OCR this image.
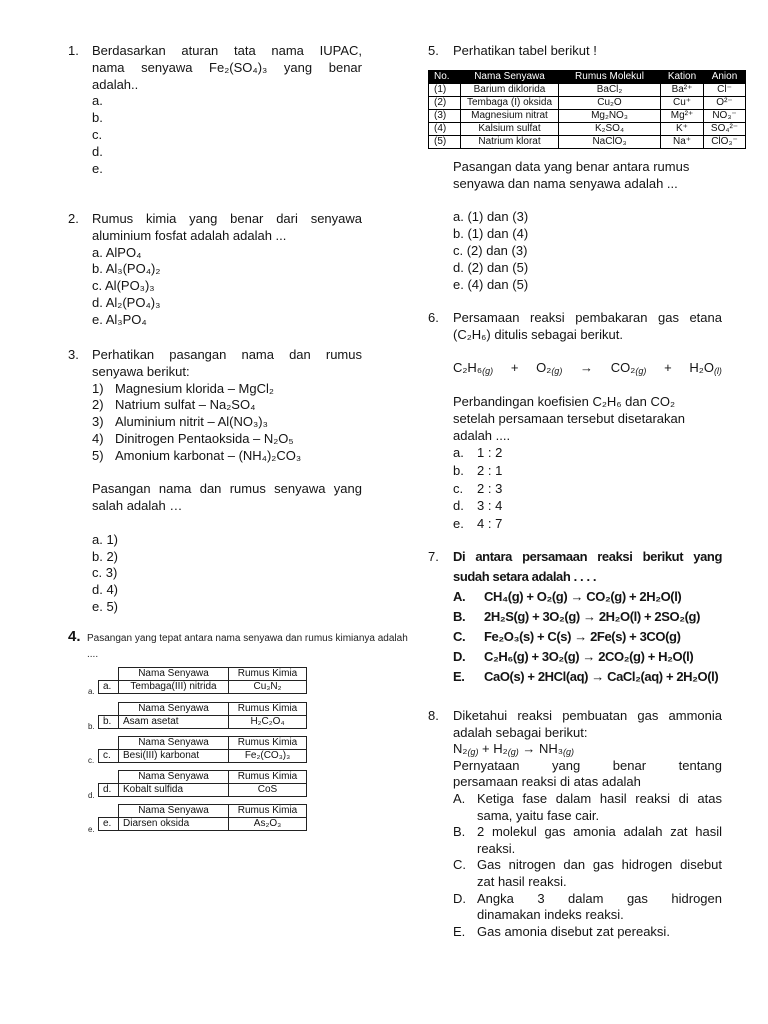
1. Berdasarkan aturan tata nama IUPAC,
nama senyawa Fe₂(SO₄)₃ yang benar
adalah..
a.
b.
c.
d.
e.
2. Rumus kimia yang benar dari senyawa
aluminium fosfat adalah adalah ...
a. AlPO₄
b. Al₃(PO₄)₂
c. Al(PO₃)₃
d. Al₂(PO₄)₃
e. Al₃PO₄
3. Perhatikan pasangan nama dan rumus
senyawa berikut:
1) Magnesium klorida – MgCl₂
2) Natrium sulfat – Na₂SO₄
3) Aluminium nitrit – Al(NO₃)₃
4) Dinitrogen Pentaoksida – N₂O₅
5) Amonium karbonat – (NH₄)₂CO₃
Pasangan nama dan rumus senyawa yang
salah adalah …
a. 1)
b. 2)
c. 3)
d. 4)
e. 5)
4. Pasangan yang tepat antara nama senyawa dan rumus kimianya adalah
....
	Nama Senyawa	Rumus Kimia
a.	Tembaga(III) nitrida	Cu₃N₂
a.
	Nama Senyawa	Rumus Kimia
b.	Asam asetat	H₂C₂O₄
b.
	Nama Senyawa	Rumus Kimia
c.	Besi(III) karbonat	Fe₂(CO₃)₃
c.
	Nama Senyawa	Rumus Kimia
d.	Kobalt sulfida	CoS
d.
	Nama Senyawa	Rumus Kimia
e.	Diarsen oksida	As₂O₃
e.
5. Perhatikan tabel berikut !
No.	Nama Senyawa	Rumus Molekul	Kation	Anion
(1)	Barium diklorida	BaCl₂	Ba²⁺	Cl⁻
(2)	Tembaga (I) oksida	Cu₂O	Cu⁺	O²⁻
(3)	Magnesium nitrat	Mg₂NO₃	Mg²⁺	NO₃⁻
(4)	Kalsium sulfat	K₂SO₄	K⁺	SO₄²⁻
(5)	Natrium klorat	NaClO₃	Na⁺	ClO₃⁻
Pasangan data yang benar antara rumus
senyawa dan nama senyawa adalah ...
a. (1) dan (3)
b. (1) dan (4)
c. (2) dan (3)
d. (2) dan (5)
e. (4) dan (5)
6. Persamaan reaksi pembakaran gas etana
(C₂H₆) ditulis sebagai berikut.
$C_2H_6_{(g)} + O_2_{(g)} \to CO_2_{(g)} + H_2O_{(l)}$
Perbandingan koefisien C₂H₆ dan CO₂
setelah persamaan tersebut disetarakan
adalah ....
a. 1 : 2
b. 2 : 1
c. 2 : 3
d. 3 : 4
e. 4 : 7
7. Di antara persamaan reaksi berikut yang
sudah setara adalah . . . .
A. CH₄(g) + O₂(g) → CO₂(g) + 2H₂O(l)
B. 2H₂S(g) + 3O₂(g) → 2H₂O(l) + 2SO₂(g)
C. Fe₂O₃(s) + C(s) → 2Fe(s) + 3CO(g)
D. C₂H₆(g) + 3O₂(g) → 2CO₂(g) + H₂O(l)
E. CaO(s) + 2HCl(aq) → CaCl₂(aq) + 2H₂O(l)
8. Diketahui reaksi pembuatan gas ammonia
adalah sebagai berikut:
$N_2_{(g)} + H_2_{(g)} \to NH_3_{(g)}$
Pernyataan yang benar tentang
persamaan reaksi di atas adalah
A. Ketiga fase dalam hasil reaksi di atas
sama, yaitu fase cair.
B. 2 molekul gas amonia adalah zat hasil
reaksi.
C. Gas nitrogen dan gas hidrogen disebut
zat hasil reaksi.
D. Angka 3 dalam gas hidrogen
dinamakan indeks reaksi.
E. Gas amonia disebut zat pereaksi.
